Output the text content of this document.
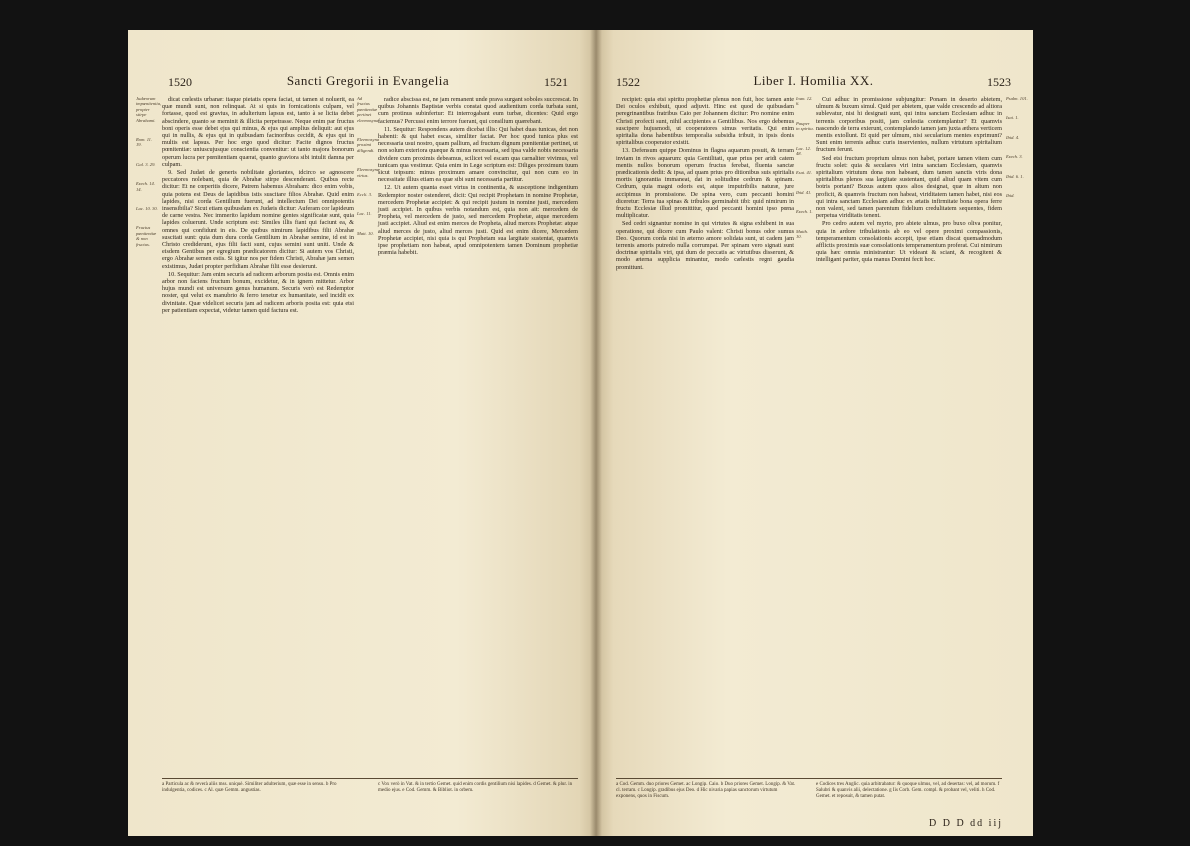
1520	Sancti Gregorii in Evangelia	1521
Judæorum impœnitentia, propter stirpe Abrahami.
Rom. 11. 19.
Gal. 3. 29.
Ezech. 14. 14.
Luc. 10. 30.
Fructus pœnitentiæ & non fructus.

dicat cœlestis urbanæ: itaque pietatis opera faciat, ut tamen si noluerit, ea quæ mundi sunt, non relinquat. At si quis in fornicationis culpam, vel fortasse, quod est gravius, in adulterium lapsus est, tanto à se licita debet abscindere, quanto se meminit & illicita perpetrasse. Neque enim par fructus boni operis esse debet ejus qui minus, & ejus qui amplius deliquit: aut ejus qui in nullis, & ejus qui in quibusdam facinoribus cecidit, & ejus qui in multis est lapsus. Per hoc ergo quod dicitur: Facite dignos fructus pœnitentiæ: uniuscujusque conscientia convenitur: ut tanto majora bonorum operum lucra per pœnitentiam quærat, quanto graviora sibi intulit damna per culpam.

9. Sed Judæi de generis nobilitate gloriantes, idcirco se agnoscere peccatores nolebant, quia de Abrahæ stirpe descenderant. Quibus recte dicitur: Et ne cœperitis dicere, Patrem habemus Abraham: dico enim vobis, quia potens est Deus de lapidibus istis suscitare filios Abrahæ. Quid enim lapides, nisi corda Gentilium fuerunt, ad intellectum Dei omnipotentis insensibilia? Sicut etiam quibusdam ex Judæis dicitur: Auferam cor lapideum de carne vestra. Nec immerito lapidum nomine gentes significatæ sunt, quia lapides coluerunt. Unde scriptum est: Similes illis fiant qui faciunt ea, & omnes qui confidunt in eis. De quibus nimirum lapidibus filii Abrahæ suscitati sunt: quia dum dura corda Gentilium in Abrahæ semine, id est in Christo crediderunt, ejus filii facti sunt, cujus semini sunt uniti. Unde & eisdem Gentibus per egregium prædicatorem dicitur: Si autem vos Christi, ergo Abrahæ semen estis. Si igitur nos per fidem Christi, Abrahæ jam semen existimus, Judæi propter perfidiam Abrahæ filii esse desierunt.

10. Sequitur: Jam enim securis ad radicem arborum posita est. Omnis enim arbor non faciens fructum bonum, excidetur, & in ignem mittetur. Arbor hujus mundi est universum genus humanum. Securis verò est Redemptor noster, qui velut ex manubrio & ferro tenetur ex humanitate, sed incidit ex divinitate. Quæ videlicet securis jam ad radicem arboris posita est: quia etsi per patientiam expectat, videtur tamen quid factura est.

Ad fructus pœnitentiæ pertinet eleemosyna.
Eleemosyna proximi diligendi.
Eleemosynæ virtus.
Eccli. 3.
Luc. 11.
Matt. 10.

radice abscissa est, ne jam remanent unde prava surgant soboles succrescat. In quibus Johannis Baptistæ verbis constat quod audientium corda turbata sunt, cum protinus subinfertur: Et interrogabant eum turbæ, dicentes: Quid ergo faciemus? Percussi enim terrore fuerant, qui consilium quærebant.

11. Sequitur: Respondens autem dicebat illis: Qui habet duas tunicas, det non habenti: & qui habet escas, similiter faciat. Per hoc quod tunica plus est necessaria usui nostro, quam pallium, ad fructum dignum pœnitentiæ pertinet, ut non solum exteriora quæque & minus necessaria, sed ipsa valde nobis necessaria dividere cum proximis debeamus, scilicet vel escam qua carnaliter vivimus, vel tunicam qua vestimur. Quia enim in Lege scriptum est: Diliges proximum tuum sicut teipsum: minus proximum amare convincitur, qui non cum eo in necessitate illius etiam ea quæ sibi sunt necessaria partitur.

12. Ut autem quanta esset virtus in continentia, & susceptione indigentium Redemptor noster ostenderet, dicit: Qui recipit Prophetam in nomine Prophetæ, mercedem Prophetæ accipiet: & qui recipit justum in nomine justi, mercedem justi accipiet. In quibus verbis notandum est, quia non ait: mercedem de Propheta, vel mercedem de justo, sed mercedem Prophetæ, atque mercedem justi accipiet. Aliud est enim merces de Propheta, aliud merces Prophetæ: atque aliud merces de justo, aliud merces justi. Quid est enim dicere, Mercedem Prophetæ accipiet, nisi quia is qui Prophetam sua largitate sustentat, quamvis ipse prophetiam non habeat, apud omnipotentem tamen Dominum prophetiæ præmia habebit.

a Particula ac & reverà aliis mss. uniquè. Similiter adulterium, quæ esse in sensu. b Pro indulgentia, codices. c Al. quæ Gemm. angustias.
c Vox verò in Vat. & in tertio Gemet. quid enim cordis gentilium nisi lapides. d Gemet. & plur. in medio ejus. e Cod. Gemm. & Bibliot. in orbem.
1522	Liber I. Homilia XX.	1523

recipiet: quia etsi spiritu prophetiæ plenus non fuit, hoc tamen ante Dei oculos exhibuit, quod adjuvit. Hinc est quod de quibusdam peregrinantibus fratribus Caio per Johannem dicitur: Pro nomine enim Christi profecti sunt, nihil accipientes a Gentilibus. Nos ergo debemus suscipere hujusmodi, ut cooperatores simus veritatis. Qui enim spiritalia dona habentibus temporalia subsidia tribuit, in ipsis donis spiritalibus cooperator existit.

13. Defensum quippe Dominus in flagna aquarum posuit, & terram inviam in rivos aquarum: quia Gentilitati, quæ prius per aridi catem mentis nullos bonorum operum fructus ferebat, fluenta sanctæ prædicationis dedit: & ipsa, ad quam prius pro ditionibus suis spiritalis mortis ignorantia immaneat, dat in solitudine cedrum & spinam. Cedrum, quia magni odoris est, atque imputribilis naturæ, jure accipimus in promissione. De spina vero, cum peccanti homini diceretur: Terra tua spinas & tribulos germinabit tibi: quid nimirum in fructu Ecclesiæ illud promittitur, quod peccanti homini ipso pœna multiplicatur.

Sed cedri signantur nomine in qui virtutes & signa exhibent in sua operatione, qui dicere cum Paulo valent: Christi bonus odor sumus Deo. Quorum corda nisi in æterno amore solidata sunt, ut cadem jam terrenis amoris putredo nulla corrumpat. Per spinam vero signati sunt doctrinæ spiritalis viri, qui dum de peccatis ac virtutibus disserunt, & modo æterna supplicia minantur, modo cælestis regni gaudia promittunt.

Ioan. 12. 6.
Pauper in spiritu.
Luc. 12. 48.
Esai. 41.
Ibid. 41.
Ezech. 1.
Matth. 10.

Cui adhuc in promissione subjungitur: Ponam in deserto abietem, ulmum & buxum simul. Quid per abietem, quæ valde crescendo ad altiora sublevatur, nisi hi designati sunt, qui intra sanctam Ecclesiam adhuc in terrenis corporibus positi, jam cœlestia contemplantur? Et quamvis nascendo de terra exierunt, contemplando tamen jam juxta æthera verticem mentis extollunt. Et quid per ulmum, nisi secularium mentes exprimunt? Sunt enim terrenis adhuc curis inservientes, nullum virtutum spiritalium fructum ferunt.

Sed etsi fructum proprium ulmus non habet, portare tamen vitem cum fructu solet: quia & seculares viri intra sanctam Ecclesiam, quamvis spiritalium virtutum dona non habeant, dum tamen sanctis viris dona spiritalibus plenos sua largitate sustentant, quid aliud quam vitem cum botris portant? Buxus autem quos alios designat, quæ in altum non proficit, & quamvis fructum non habeat, viriditatem tamen habet, nisi eos qui intra sanctam Ecclesiam adhuc ex ætatis infirmitate bona opera ferre non valent, sed tamen parentum fidelium credulitatem sequentes, fidem perpetua viriditatis tenent.

Pro cedro autem vel myrto, pro abiete ulmus, pro buxo oliva ponitur, quia in ardore tribulationis ab eo vel opere proximi compassionis, temperamentum consolationis accepit, ipse etiam discat quemadmodum afflictis proximis suæ consolationis temperamentum proferat. Cui nimirum quia hæc omnia ministrantur: Ut videant & sciant, & recogitent & intelligant pariter, quia manus Domini fecit hoc.

Psalm. 101.
Isai. 1.
Ibid. 4.
Ezech. 3.
Ibid. 6. 1.
Ibid.
a Cod. Gemm. duo priores Gemet. ac Longip. Caio. b Duo priores Gemet. Longip. & Vat. cl. terram. c Longip. gradibus ejus Deo. d Hic nivaria papias sanctorum virtutum exponens, quos in Fiscum.
e Codices tres Anglic. quia arbitrabatur: & quoque ulmus, vel, ad desertas: vel, ad morum. f Salubri & quanvis alii, delectatione. g Iis Corb. Gem. compl. & probant vel, veliti. h Cod. Gemet. et reposuit, & tamen putat.
D D D dd iij
